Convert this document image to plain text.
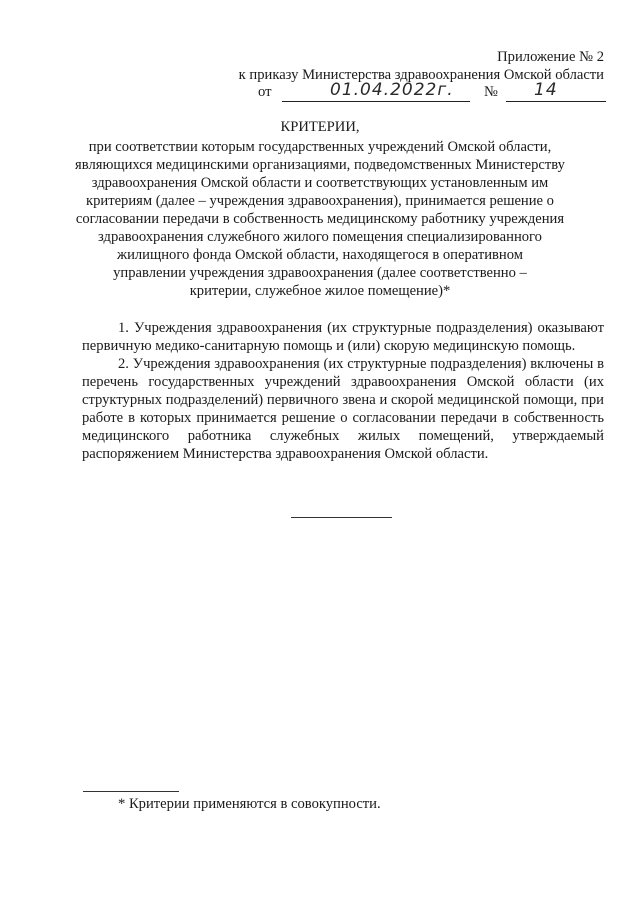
Приложение № 2
к приказу Министерства здравоохранения Омской области
от	01.04.2022г. № 14
КРИТЕРИИ,
при соответствии которым государственных учреждений Омской области,
являющихся медицинскими организациями, подведомственных Министерству
здравоохранения Омской области и соответствующих установленным им
критериям (далее – учреждения здравоохранения), принимается решение о
согласовании передачи в собственность медицинскому работнику учреждения
здравоохранения служебного жилого помещения специализированного
жилищного фонда Омской области, находящегося в оперативном
управлении учреждения здравоохранения (далее соответственно –
критерии, служебное жилое помещение)*

1. Учреждения здравоохранения (их структурные подразделения) оказывают первичную медико-санитарную помощь и (или) скорую медицинскую помощь.

2. Учреждения здравоохранения (их структурные подразделения) включены в перечень государственных учреждений здравоохранения Омской области (их структурных подразделений) первичного звена и скорой медицинской помощи, при работе в которых принимается решение о согласовании передачи в собственность медицинского работника служебных жилых помещений, утверждаемый распоряжением Министерства здравоохранения Омской области.

* Критерии применяются в совокупности.
